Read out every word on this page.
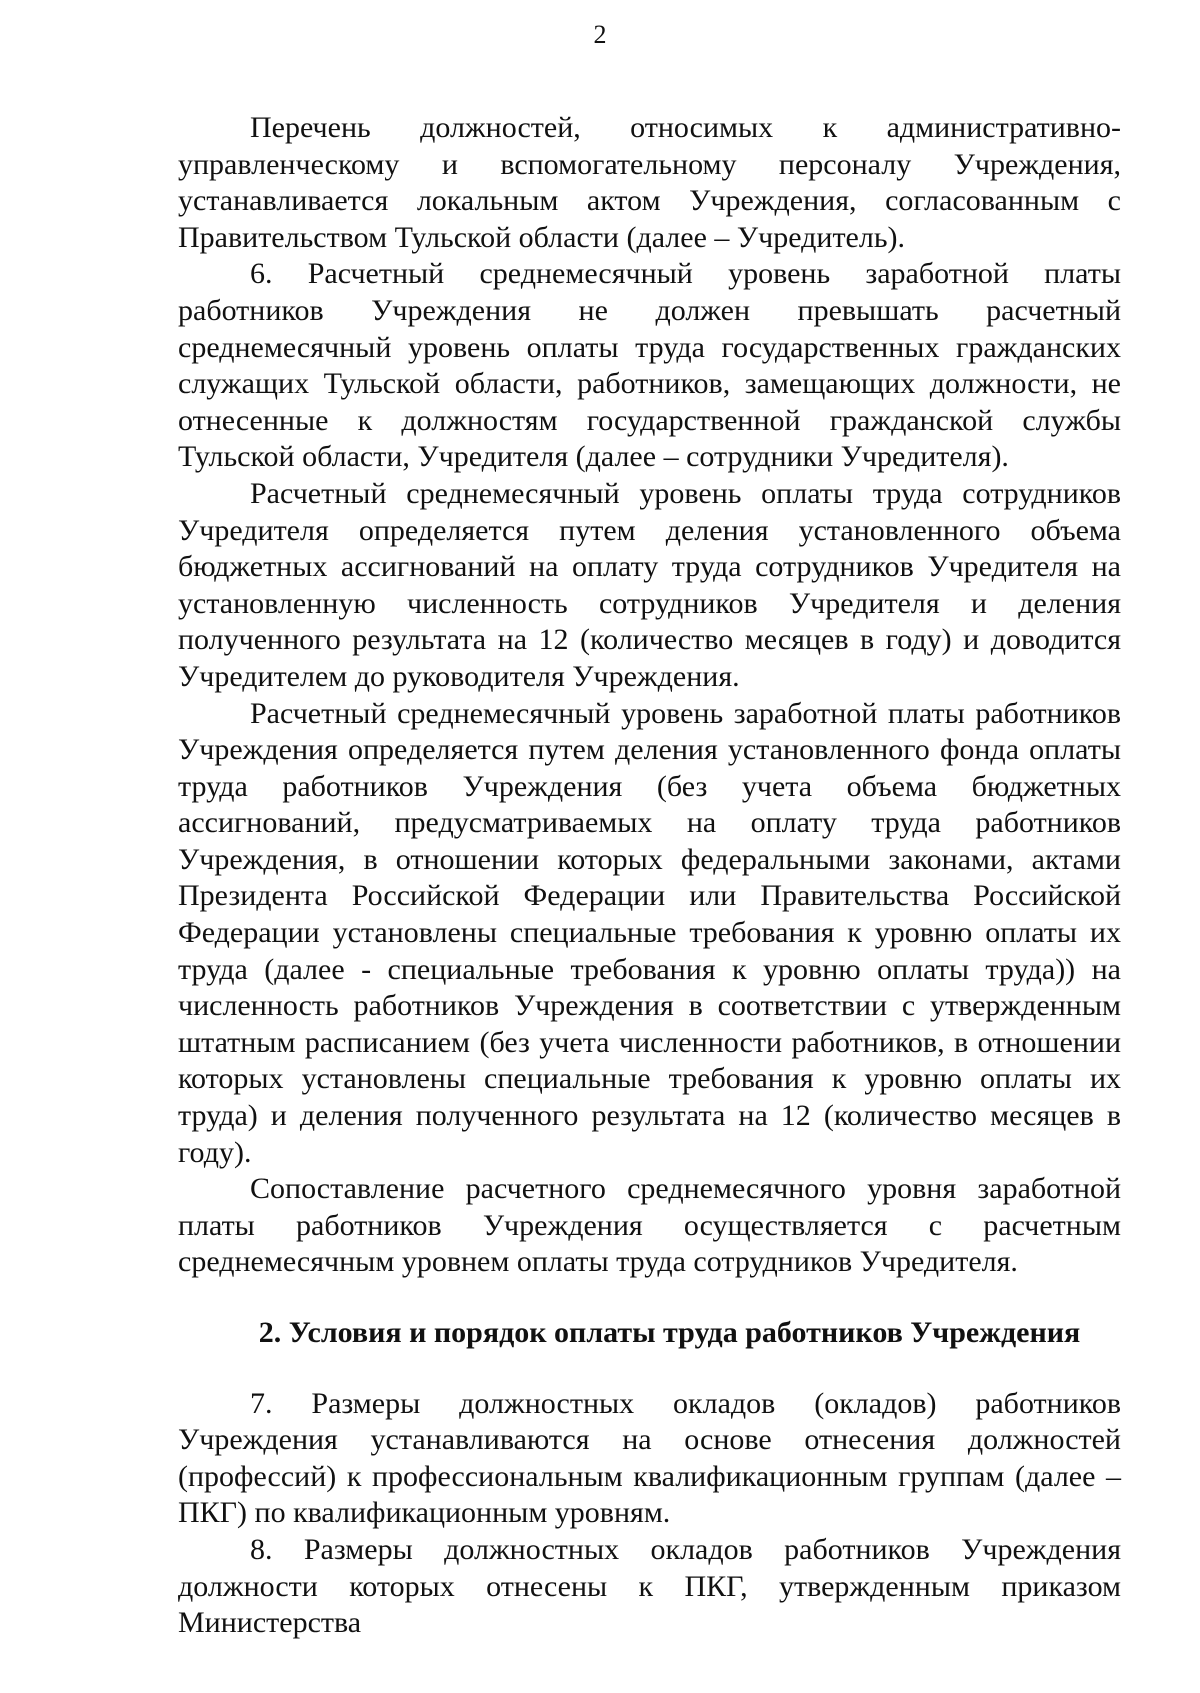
2

Перечень должностей, относимых к административно-управленческому и вспомогательному персоналу Учреждения, устанавливается локальным актом Учреждения, согласованным с Правительством Тульской области (далее – Учредитель).

6. Расчетный среднемесячный уровень заработной платы работников Учреждения не должен превышать расчетный среднемесячный уровень оплаты труда государственных гражданских служащих Тульской области, работников, замещающих должности, не отнесенные к должностям государственной гражданской службы Тульской области, Учредителя (далее – сотрудники Учредителя).

Расчетный среднемесячный уровень оплаты труда сотрудников Учредителя определяется путем деления установленного объема бюджетных ассигнований на оплату труда сотрудников Учредителя на установленную численность сотрудников Учредителя и деления полученного результата на 12 (количество месяцев в году) и доводится Учредителем до руководителя Учреждения.

Расчетный среднемесячный уровень заработной платы работников Учреждения определяется путем деления установленного фонда оплаты труда работников Учреждения (без учета объема бюджетных ассигнований, предусматриваемых на оплату труда работников Учреждения, в отношении которых федеральными законами, актами Президента Российской Федерации или Правительства Российской Федерации установлены специальные требования к уровню оплаты их труда (далее - специальные требования к уровню оплаты труда)) на численность работников Учреждения в соответствии с утвержденным штатным расписанием (без учета численности работников, в отношении которых установлены специальные требования к уровню оплаты их труда) и деления полученного результата на 12 (количество месяцев в году).

Сопоставление расчетного среднемесячного уровня заработной платы работников Учреждения осуществляется с расчетным среднемесячным уровнем оплаты труда сотрудников Учредителя.

2. Условия и порядок оплаты труда работников Учреждения

7. Размеры должностных окладов (окладов) работников Учреждения устанавливаются на основе отнесения должностей (профессий) к профессиональным квалификационным группам (далее – ПКГ) по квалификационным уровням.

8. Размеры должностных окладов работников Учреждения должности которых отнесены к ПКГ, утвержденным приказом Министерства
